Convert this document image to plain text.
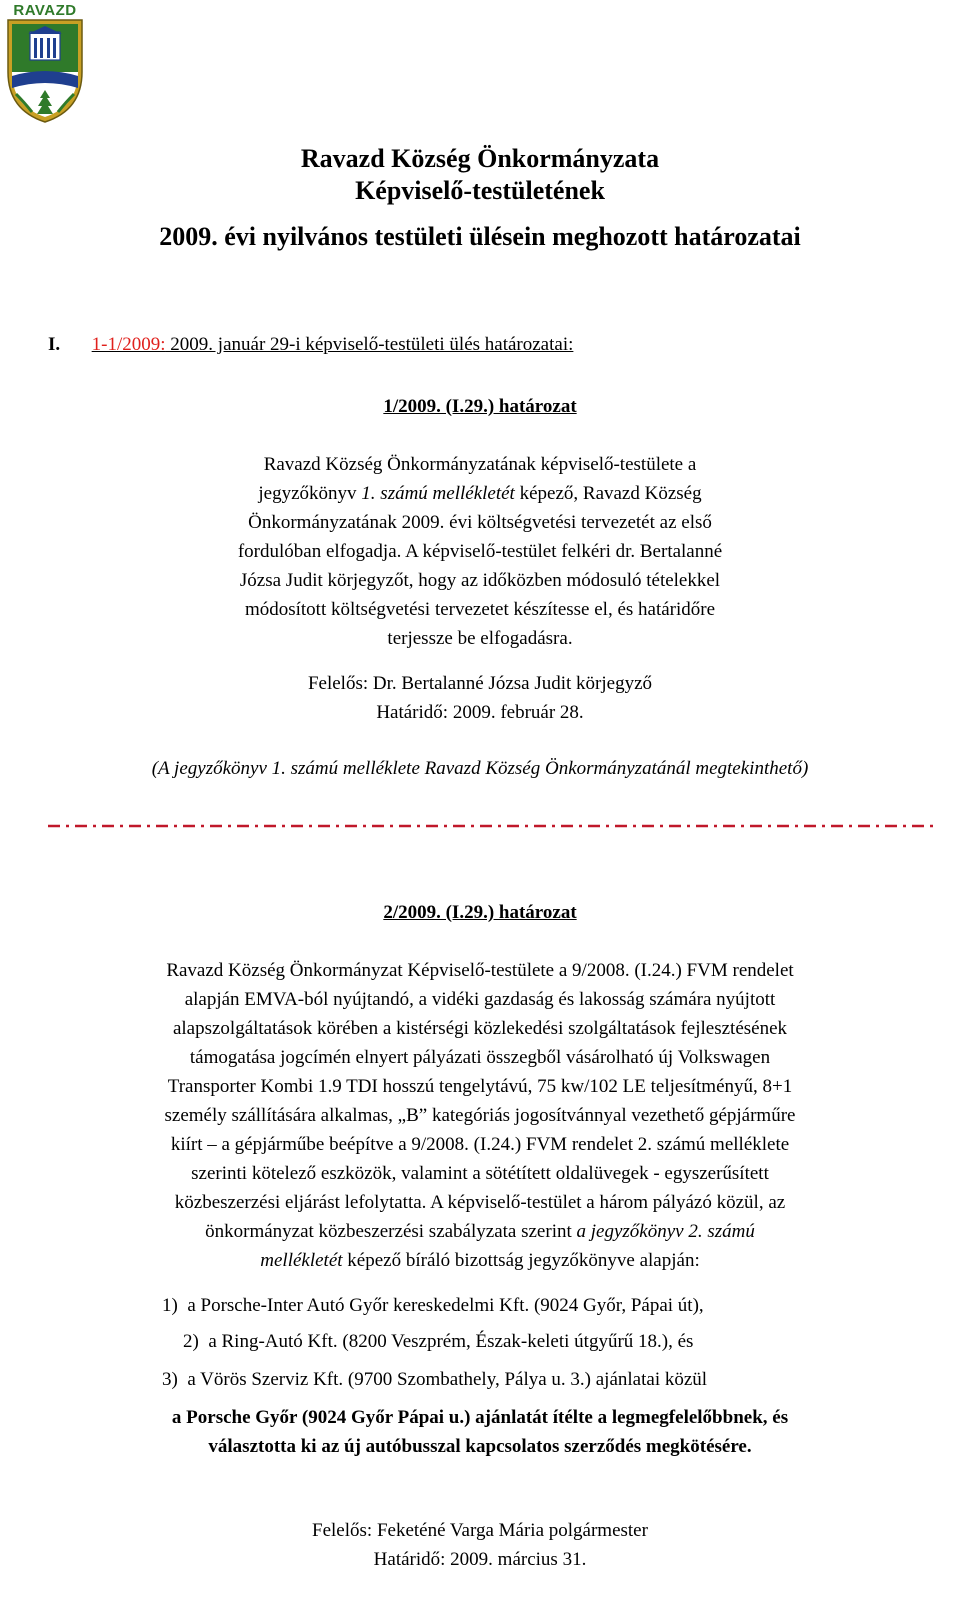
RAVAZD
Ravazd Község Önkormányzata
Képviselő-testületének
2009. évi nyilvános testületi ülésein meghozott határozatai
I. 1-1/2009: 2009. január 29-i képviselő-testületi ülés határozatai:
1/2009. (I.29.) határozat
Ravazd Község Önkormányzatának képviselő-testülete a
jegyzőkönyv 1. számú mellékletét képező, Ravazd Község
Önkormányzatának 2009. évi költségvetési tervezetét az első
fordulóban elfogadja. A képviselő-testület felkéri dr. Bertalanné
Józsa Judit körjegyzőt, hogy az időközben módosuló tételekkel
módosított költségvetési tervezetet készítesse el, és határidőre
terjessze be elfogadásra.
Felelős: Dr. Bertalanné Józsa Judit körjegyző
Határidő: 2009. február 28.
(A jegyzőkönyv 1. számú melléklete Ravazd Község Önkormányzatánál megtekinthető)
2/2009. (I.29.) határozat
Ravazd Község Önkormányzat Képviselő-testülete a 9/2008. (I.24.) FVM rendelet
alapján EMVA-ból nyújtandó, a vidéki gazdaság és lakosság számára nyújtott
alapszolgáltatások körében a kistérségi közlekedési szolgáltatások fejlesztésének
támogatása jogcímén elnyert pályázati összegből vásárolható új Volkswagen
Transporter Kombi 1.9 TDI hosszú tengelytávú, 75 kw/102 LE teljesítményű, 8+1
személy szállítására alkalmas, „B” kategóriás jogosítvánnyal vezethető gépjárműre
kiírt – a gépjárműbe beépítve a 9/2008. (I.24.) FVM rendelet 2. számú melléklete
szerinti kötelező eszközök, valamint a sötétített oldalüvegek - egyszerűsített
közbeszerzési eljárást lefolytatta. A képviselő-testület a három pályázó közül, az
önkormányzat közbeszerzési szabályzata szerint a jegyzőkönyv 2. számú
mellékletét képező bíráló bizottság jegyzőkönyve alapján:
1) a Porsche-Inter Autó Győr kereskedelmi Kft. (9024 Győr, Pápai út),
2) a Ring-Autó Kft. (8200 Veszprém, Észak-keleti útgyűrű 18.), és
3) a Vörös Szerviz Kft. (9700 Szombathely, Pálya u. 3.) ajánlatai közül
a Porsche Győr (9024 Győr Pápai u.) ajánlatát ítélte a legmegfelelőbbnek, és
választotta ki az új autóbusszal kapcsolatos szerződés megkötésére.
Felelős: Feketéné Varga Mária polgármester
Határidő: 2009. március 31.
